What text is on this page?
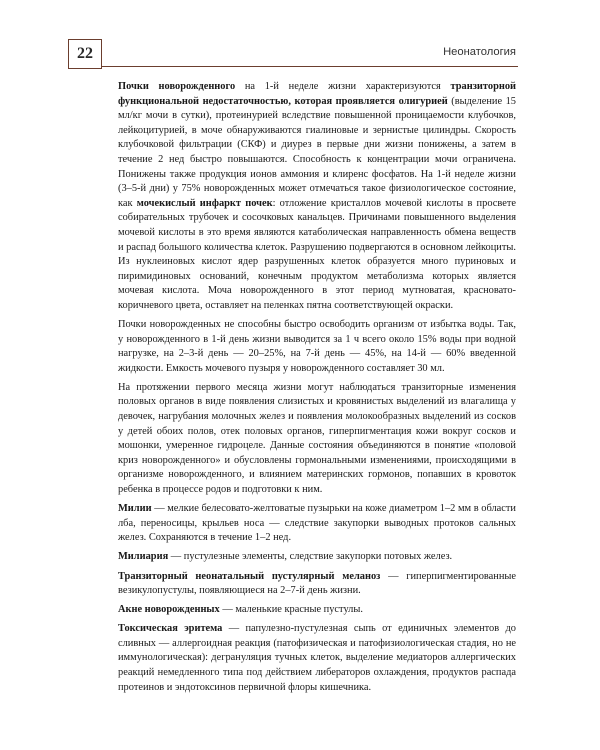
22	Неонатология

Почки новорожденного на 1-й неделе жизни характеризуются транзиторной функциональной недостаточностью, которая проявляется олигурией (выделение 15 мл/кг мочи в сутки), протеинурией вследствие повышенной проницаемости клубочков, лейкоцитурией, в моче обнаруживаются гиалиновые и зернистые цилиндры. Скорость клубочковой фильтрации (СКФ) и диурез в первые дни жизни понижены, а затем в течение 2 нед быстро повышаются. Способность к концентрации мочи ограничена. Понижены также продукция ионов аммония и клиренс фосфатов. На 1-й неделе жизни (3–5-й дни) у 75% новорожденных может отмечаться такое физиологическое состояние, как мочекислый инфаркт почек: отложение кристаллов мочевой кислоты в просвете собирательных трубочек и сосочковых канальцев. Причинами повышенного выделения мочевой кислоты в это время являются катаболическая направленность обмена веществ и распад большого количества клеток. Разрушению подвергаются в основном лейкоциты. Из нуклеиновых кислот ядер разрушенных клеток образуется много пуриновых и пиримидиновых оснований, конечным продуктом метаболизма которых является мочевая кислота. Моча новорожденного в этот период мутноватая, красновато-коричневого цвета, оставляет на пеленках пятна соответствующей окраски.

Почки новорожденных не способны быстро освободить организм от избытка воды. Так, у новорожденного в 1-й день жизни выводится за 1 ч всего около 15% воды при водной нагрузке, на 2–3-й день — 20–25%, на 7-й день — 45%, на 14-й — 60% введенной жидкости. Емкость мочевого пузыря у новорожденного составляет 30 мл.

На протяжении первого месяца жизни могут наблюдаться транзиторные изменения половых органов в виде появления слизистых и кровянистых выделений из влагалища у девочек, нагрубания молочных желез и появления молокообразных выделений из сосков у детей обоих полов, отек половых органов, гиперпигментация кожи вокруг сосков и мошонки, умеренное гидроцеле. Данные состояния объединяются в понятие «половой криз новорожденного» и обусловлены гормональными изменениями, происходящими в организме новорожденного, и влиянием материнских гормонов, попавших в кровоток ребенка в процессе родов и подготовки к ним.

Милии — мелкие белесовато-желтоватые пузырьки на коже диаметром 1–2 мм в области лба, переносицы, крыльев носа — следствие закупорки выводных протоков сальных желез. Сохраняются в течение 1–2 нед.

Милиария — пустулезные элементы, следствие закупорки потовых желез.

Транзиторный неонатальный пустулярный меланоз — гиперпигментированные везикулопустулы, появляющиеся на 2–7-й день жизни.

Акне новорожденных — маленькие красные пустулы.

Токсическая эритема — папулезно-пустулезная сыпь от единичных элементов до сливных — аллергоидная реакция (патофизическая и патофизиологическая стадия, но не иммунологическая): дегрануляция тучных клеток, выделение медиаторов аллергических реакций немедленного типа под действием либераторов охлаждения, продуктов распада протеинов и эндотоксинов первичной флоры кишечника.
